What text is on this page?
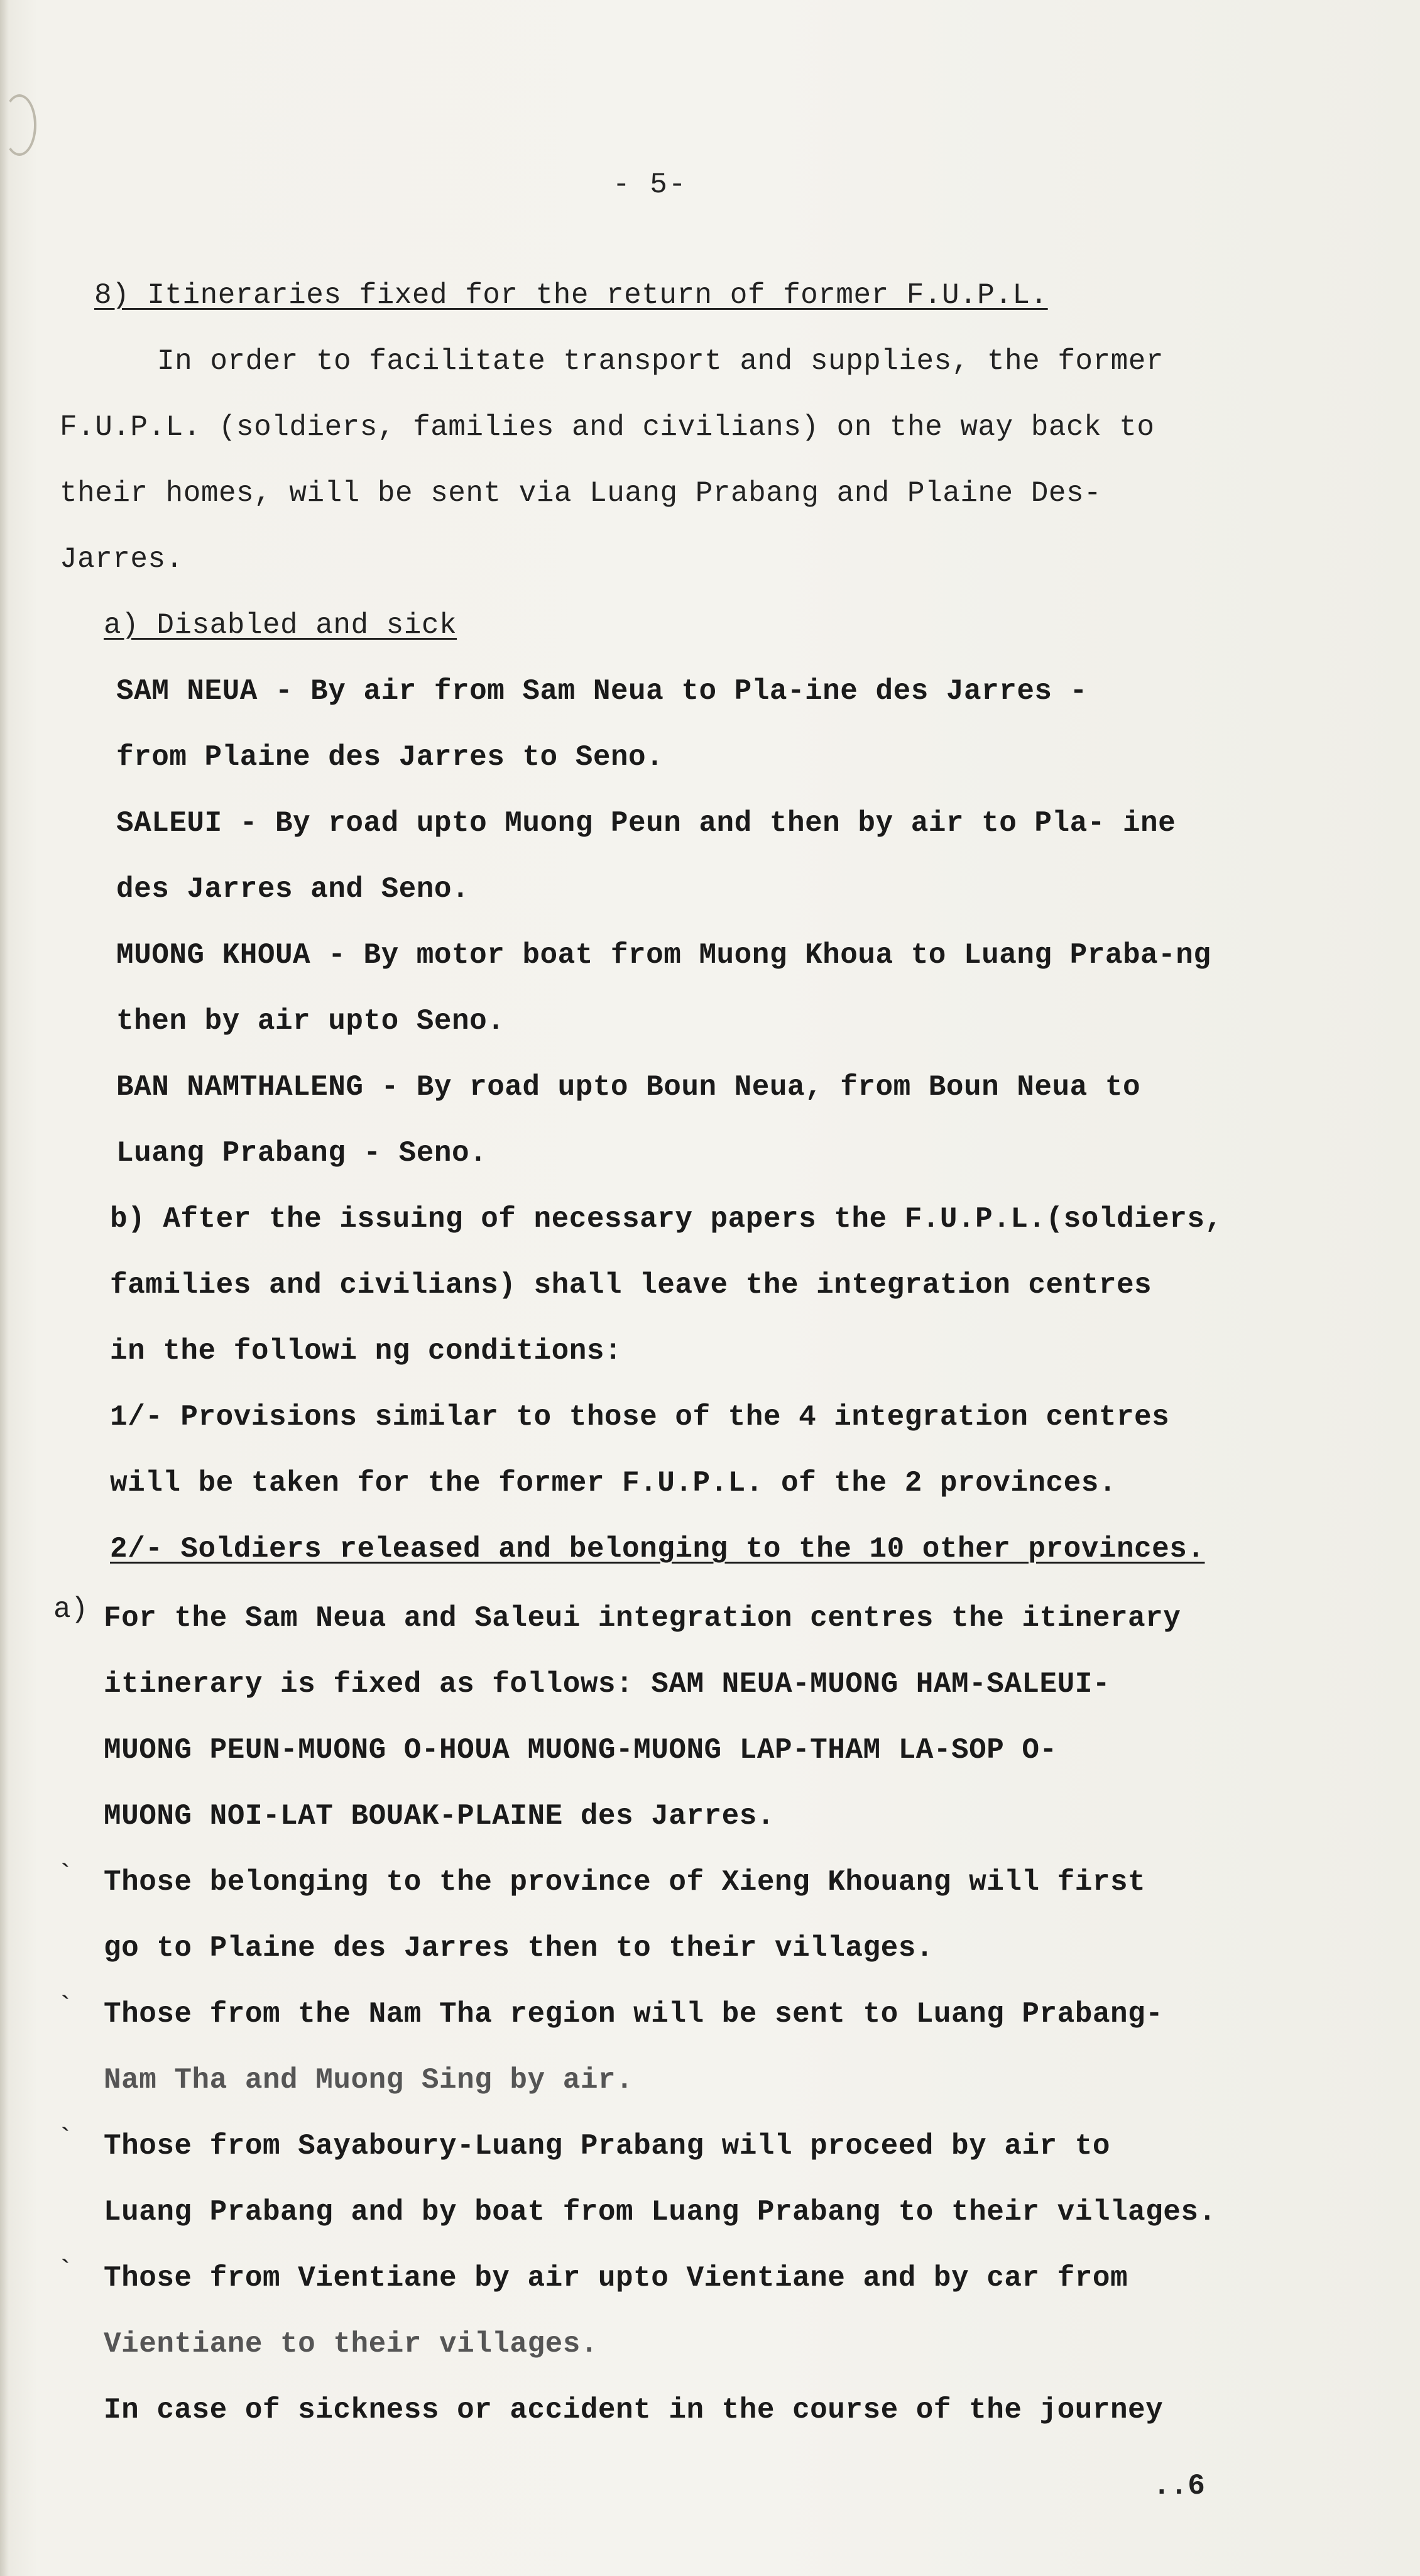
- 5-
8) Itineraries fixed for the return of former F.U.P.L.
In order to facilitate transport and supplies, the former
F.U.P.L. (soldiers, families and civilians) on the way back to
their homes, will be sent via Luang Prabang and Plaine Des-
Jarres.
a) Disabled and sick
SAM NEUA - By air from Sam Neua to Pla-ine des Jarres -
from Plaine des Jarres to Seno.
SALEUI - By road upto Muong Peun and then by air to Pla- ine
des Jarres and Seno.
MUONG KHOUA - By motor boat from Muong Khoua to Luang Praba-ng
then by air upto Seno.
BAN NAMTHALENG - By road upto Boun Neua, from Boun Neua to
Luang Prabang - Seno.
b) After the issuing of necessary papers the F.U.P.L.(soldiers,
families and civilians) shall leave the integration centres
in the followi ng conditions:
1/- Provisions similar to those of the 4 integration centres
will be taken for the former F.U.P.L. of the 2 provinces.
2/- Soldiers released and belonging to the 10 other provinces.
a) For the Sam Neua and Saleui integration centres the itinerary
itinerary is fixed as follows: SAM NEUA-MUONG HAM-SALEUI-
MUONG PEUN-MUONG O-HOUA MUONG-MUONG LAP-THAM LA-SOP O-
MUONG NOI-LAT BOUAK-PLAINE des Jarres.
` Those belonging to the province of Xieng Khouang will first
go to Plaine des Jarres then to their villages.
` Those from the Nam Tha region will be sent to Luang Prabang-
Nam Tha and Muong Sing by air.
` Those from Sayaboury-Luang Prabang will proceed by air to
Luang Prabang and by boat from Luang Prabang to their villages.
` Those from Vientiane by air upto Vientiane and by car from
Vientiane to their villages.
In case of sickness or accident in the course of the journey
..6
